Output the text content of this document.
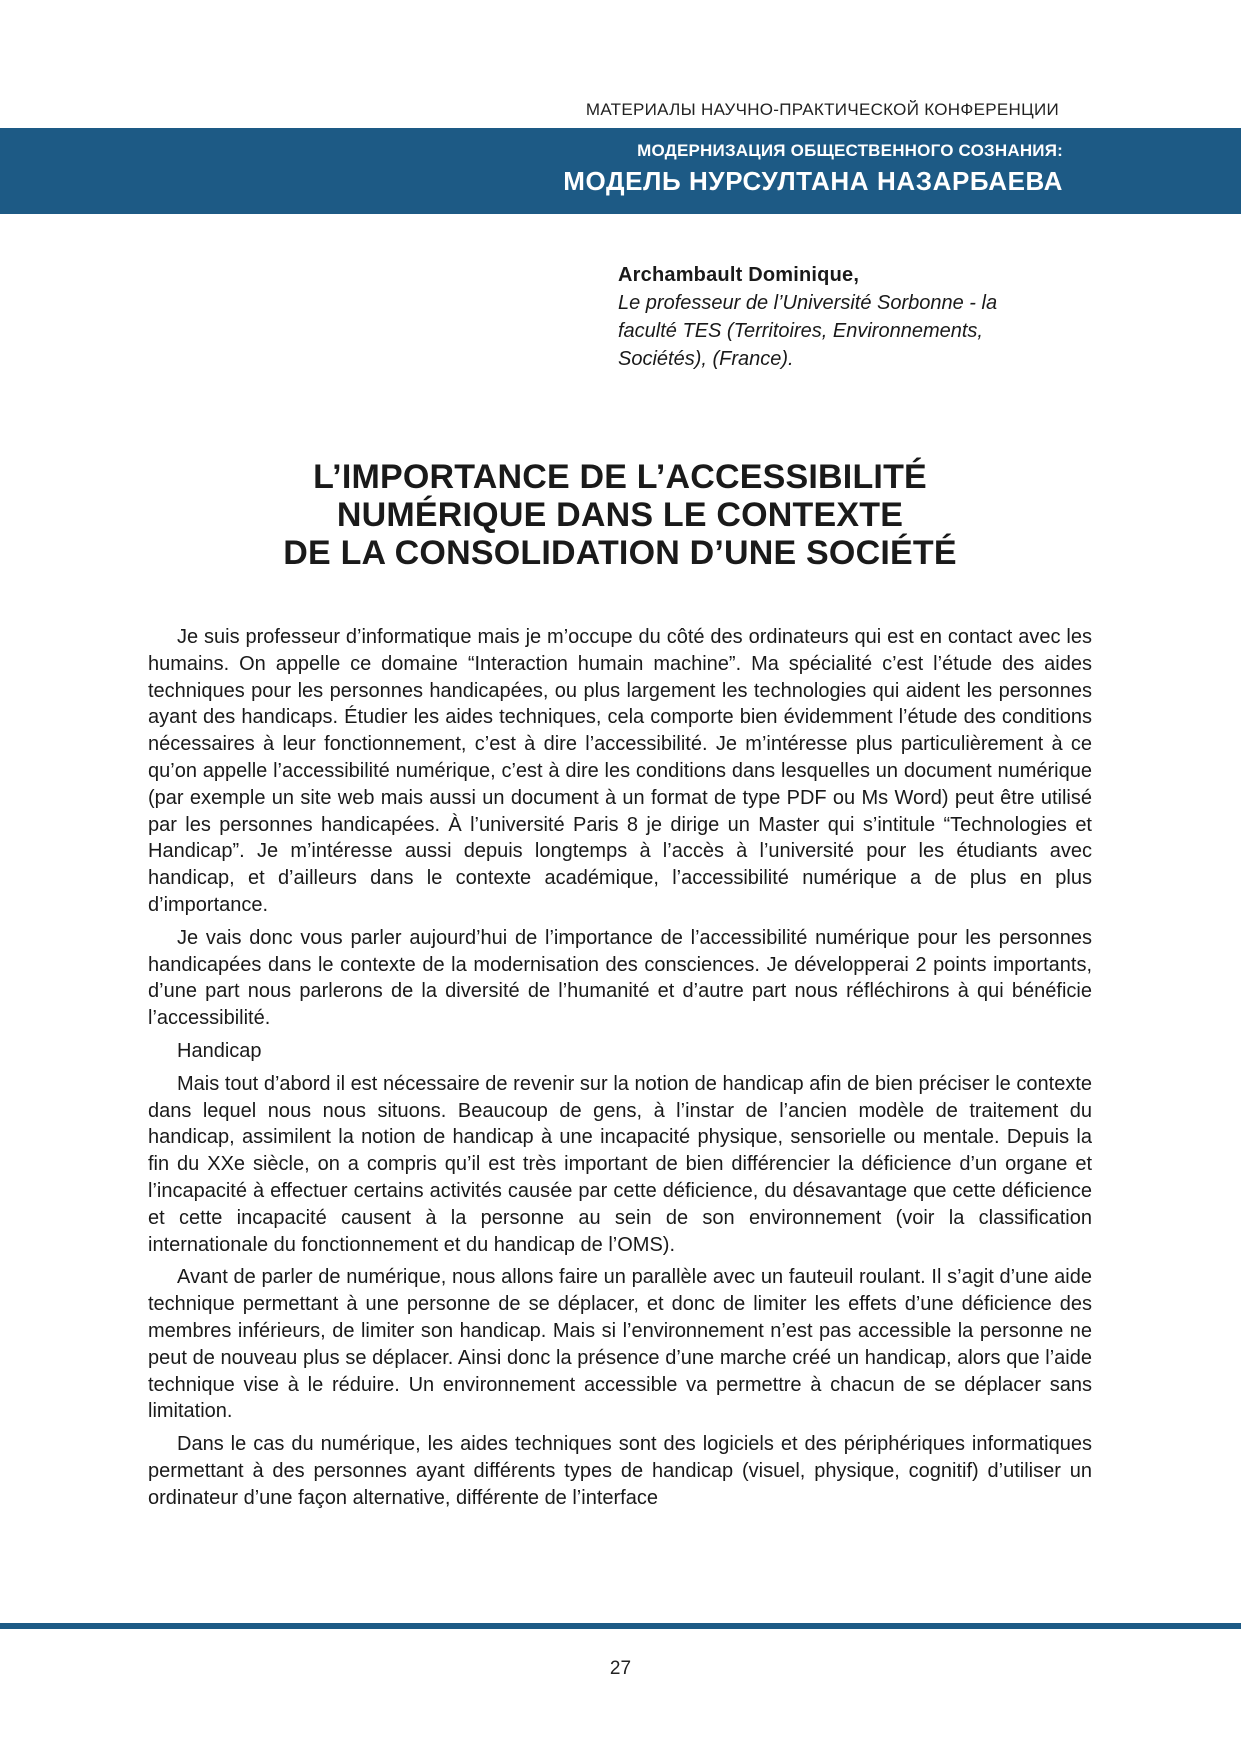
МАТЕРИАЛЫ НАУЧНО-ПРАКТИЧЕСКОЙ КОНФЕРЕНЦИИ
МОДЕРНИЗАЦИЯ ОБЩЕСТВЕННОГО СОЗНАНИЯ:
МОДЕЛЬ НУРСУЛТАНА НАЗАРБАЕВА
Archambault Dominique,
Le professeur de l’Université Sorbonne - la
faculté TES (Territoires, Environnements,
Sociétés), (France).
L’IMPORTANCE DE L’ACCESSIBILITÉ
NUMÉRIQUE DANS LE CONTEXTE
DE LA CONSOLIDATION D’UNE SOCIÉTÉ

Je suis professeur d’informatique mais je m’occupe du côté des ordinateurs qui est en contact avec les humains. On appelle ce domaine “Interaction humain machine”. Ma spécialité c’est l’étude des aides techniques pour les personnes handicapées, ou plus largement les technologies qui aident les personnes ayant des handicaps. Étudier les aides techniques, cela comporte bien évidemment l’étude des conditions nécessaires à leur fonctionnement, c’est à dire l’accessibilité. Je m’intéresse plus particulièrement à ce qu’on appelle l’accessibilité numérique, c’est à dire les conditions dans lesquelles un document numérique (par exemple un site web mais aussi un document à un format de type PDF ou Ms Word) peut être utilisé par les personnes handicapées. À l’université Paris 8 je dirige un Master qui s’intitule “Technologies et Handicap”. Je m’intéresse aussi depuis longtemps à l’accès à l’université pour les étudiants avec handicap, et d’ailleurs dans le contexte académique, l’accessibilité numérique a de plus en plus d’importance.

Je vais donc vous parler aujourd’hui de l’importance de l’accessibilité numérique pour les personnes handicapées dans le contexte de la modernisation des consciences. Je développerai 2 points importants, d’une part nous parlerons de la diversité de l’humanité et d’autre part nous réfléchirons à qui bénéficie l’accessibilité.

Handicap

Mais tout d’abord il est nécessaire de revenir sur la notion de handicap afin de bien préciser le contexte dans lequel nous nous situons. Beaucoup de gens, à l’instar de l’ancien modèle de traitement du handicap, assimilent la notion de handicap à une incapacité physique, sensorielle ou mentale. Depuis la fin du XXe siècle, on a compris qu’il est très important de bien différencier la déficience d’un organe et l’incapacité à effectuer certains activités causée par cette déficience, du désavantage que cette déficience et cette incapacité causent à la personne au sein de son environnement (voir la classification internationale du fonctionnement et du handicap de l’OMS).

Avant de parler de numérique, nous allons faire un parallèle avec un fauteuil roulant. Il s’agit d’une aide technique permettant à une personne de se déplacer, et donc de limiter les effets d’une déficience des membres inférieurs, de limiter son handicap. Mais si l’environnement n’est pas accessible la personne ne peut de nouveau plus se déplacer. Ainsi donc la présence d’une marche créé un handicap, alors que l’aide technique vise à le réduire. Un environnement accessible va permettre à chacun de se déplacer sans limitation.

Dans le cas du numérique, les aides techniques sont des logiciels et des périphériques informatiques permettant à des personnes ayant différents types de handicap (visuel, physique, cognitif) d’utiliser un ordinateur d’une façon alternative, différente de l’interface

27
